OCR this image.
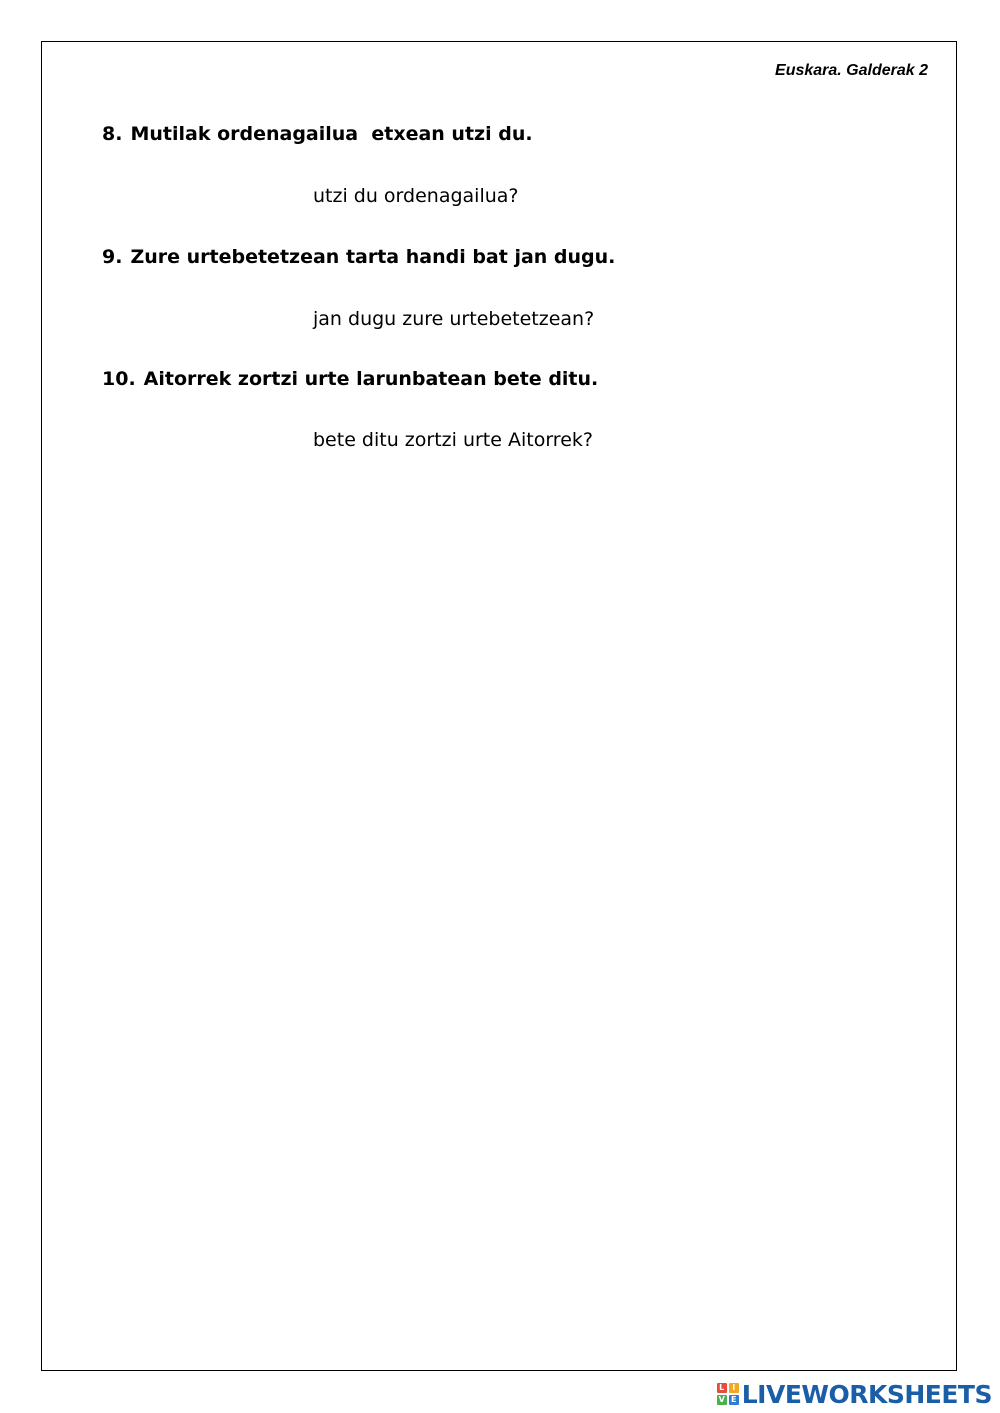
Euskara. Galderak 2
8. Mutilak ordenagailua  etxean utzi du.
utzi du ordenagailua?
9. Zure urtebetetzean tarta handi bat jan dugu.
jan dugu zure urtebetetzean?
10. Aitorrek zortzi urte larunbatean bete ditu.
bete ditu zortzi urte Aitorrek?
L I
V E LIVEWORKSHEETS
